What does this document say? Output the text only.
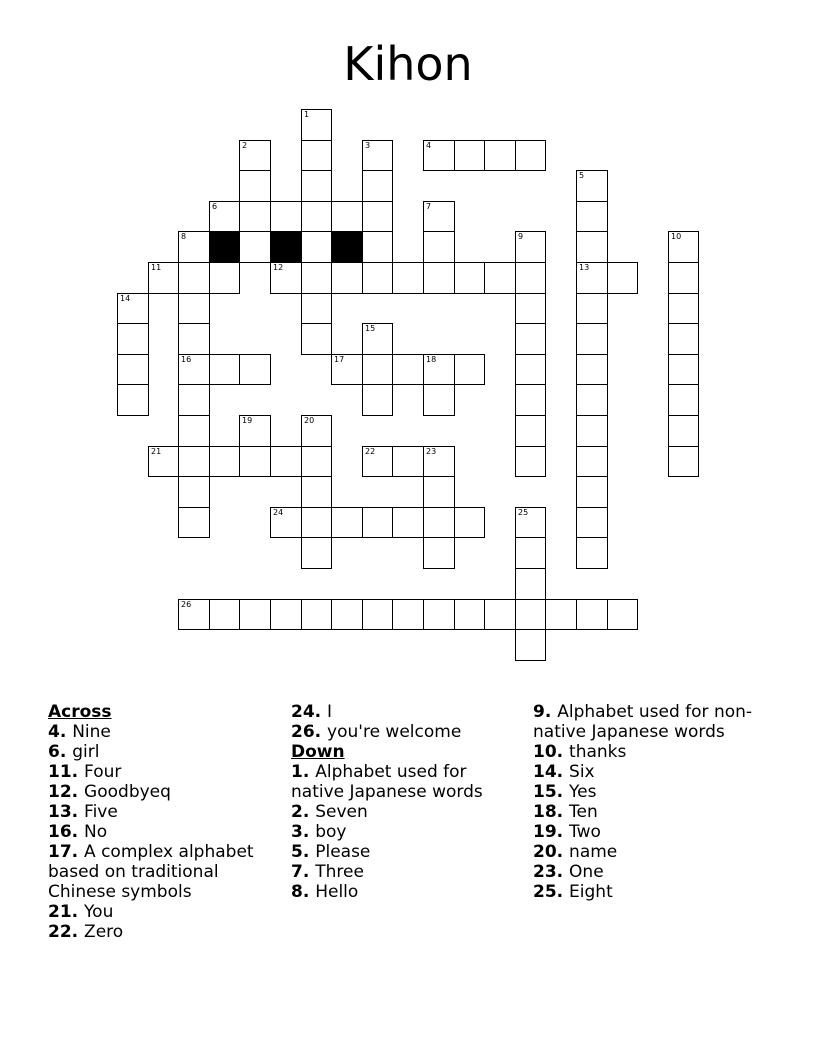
Kihon
1
2	3	4
5
6	7
8	9	10
11	12	13
14
15
16	17	18
19	20
21	22	23
24	25
26
Across
4. Nine
6. girl
11. Four
12. Goodbyeq
13. Five
16. No
17. A complex alphabet based on traditional Chinese symbols
21. You
22. Zero
24. I
26. you're welcome
Down
1. Alphabet used for native Japanese words
2. Seven
3. boy
5. Please
7. Three
8. Hello
9. Alphabet used for non-native Japanese words
10. thanks
14. Six
15. Yes
18. Ten
19. Two
20. name
23. One
25. Eight
